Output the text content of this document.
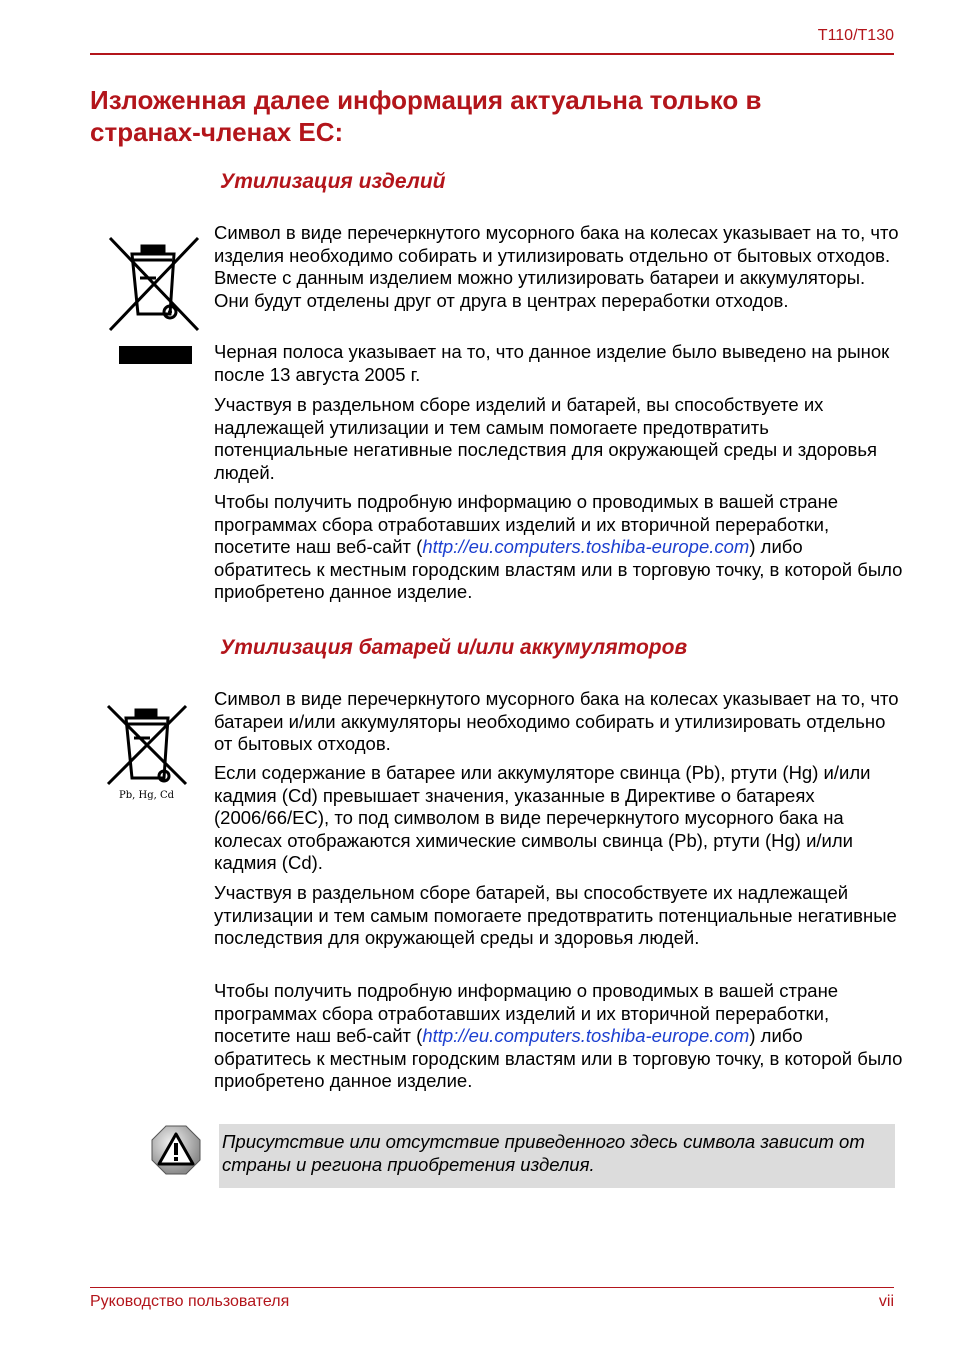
T110/T130
Изложенная далее информация актуальна только в странах-членах ЕС:
Утилизация изделий

Символ в виде перечеркнутого мусорного бака на колесах указывает на то, что изделия необходимо собирать и утилизировать отдельно от бытовых отходов. Вместе с данным изделием можно утилизировать батареи и аккумуляторы. Они будут отделены друг от друга в центрах переработки отходов.

Черная полоса указывает на то, что данное изделие было выведено на рынок после 13 августа 2005 г.

Участвуя в раздельном сборе изделий и батарей, вы способствуете их надлежащей утилизации и тем самым помогаете предотвратить потенциальные негативные последствия для окружающей среды и здоровья людей.

Чтобы получить подробную информацию о проводимых в вашей стране программах сбора отработавших изделий и их вторичной переработки, посетите наш веб-сайт (http://eu.computers.toshiba-europe.com) либо обратитесь к местным городским властям или в торговую точку, в которой было приобретено данное изделие.

Утилизация батарей и/или аккумуляторов
Pb, Hg, Cd

Символ в виде перечеркнутого мусорного бака на колесах указывает на то, что батареи и/или аккумуляторы необходимо собирать и утилизировать отдельно от бытовых отходов.

Если содержание в батарее или аккумуляторе свинца (Pb), ртути (Hg) и/или кадмия (Cd) превышает значения, указанные в Директиве о батареях (2006/66/EC), то под символом в виде перечеркнутого мусорного бака на колесах отображаются химические символы свинца (Pb), ртути (Hg) и/или кадмия (Cd).

Участвуя в раздельном сборе батарей, вы способствуете их надлежащей утилизации и тем самым помогаете предотвратить потенциальные негативные последствия для окружающей среды и здоровья людей.

Чтобы получить подробную информацию о проводимых в вашей стране программах сбора отработавших изделий и их вторичной переработки, посетите наш веб-сайт (http://eu.computers.toshiba-europe.com) либо обратитесь к местным городским властям или в торговую точку, в которой было приобретено данное изделие.

Присутствие или отсутствие приведенного здесь символа зависит от страны и региона приобретения изделия.

Руководство пользователя	vii
